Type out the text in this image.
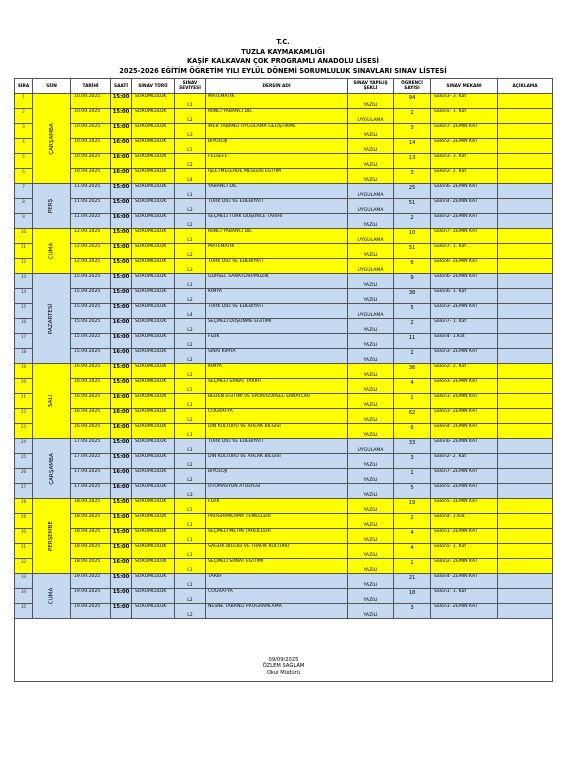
T.C.
TUZLA KAYMAKAMLIĞI
KAŞİF KALKAVAN ÇOK PROGRAMLI ANADOLU LİSESİ
2025-2026 EĞİTİM ÖĞRETİM YILI EYLÜL DÖNEMİ SORUMLULUK SINAVLARI SINAV LİSTESİ
SIRA	GÜN	TARİHİ	SAATİ	SINAV TÜRÜ	SINAV SEVİYESİ	DERSİN ADI	SINAV YAPILIŞ ŞEKLİ	ÖĞRENCİ SAYISI	SINAV MEKANI	AÇIKLAMA
1	ÇARŞAMBA	10.09.2025	15:00	SORUMLULUK	L1	MATEMATİK	YAZILI	94	Salon3- 3. Kat	
2		10.09.2025	15:00	SORUMLULUK	L2	İKİNCİ YABANCI DİL	UYGULAMA	2	Salon5- 1. Kat	
3		10.09.2025	15:00	SORUMLULUK	L3	WEB TABANLI UYGULAMA GELİŞTİRME	YAZILI	3	Salon7- ZEMİN KAT	
4		10.09.2025	16:00	SORUMLULUK	L1	BİYOLOJİ	YAZILI	14	Salon2- ZEMİN KAT	
5		10.09.2025	16:00	SORUMLULUK	L2	FELSEFE	YAZILI	13	Salon3- 3. Kat	
6		10.09.2025	16:00	SORUMLULUK	L4	İŞLETMELERDE MESLEKİ EĞİTİM	YAZILI	3	Salon2- 2. Kat	
7	PERŞ	11.09.2025	15:00	SORUMLULUK	L1	YABANCI DİL	UYGULAMA	25	Salon6- ZEMİN KAT	
8		11.09.2025	15:00	SORUMLULUK	L2	TÜRK DİLİ VE EDEBİYATI	UYGULAMA	51	Salon4- ZEMİN KAT	
9		11.09.2025	16:00	SORUMLULUK	L2	SEÇMELİ TÜRK DÜŞÜNCE TARİHİ	YAZILI	2	Salon2- ZEMİN KAT	
10	CUMA	12.09.2025	15:00	SORUMLULUK	L1	İKİNCİ YABANCI DİL	UYGULAMA	10	Salon7- ZEMİN KAT	
11		12.09.2025	15:00	SORUMLULUK	L2	MATEMATİK	YAZILI	51	Salon7- 1. Kat	
12		12.09.2025	15:00	SORUMLULUK	L3	TÜRK DİLİ VE EDEBİYATI	UYGULAMA	6	Salon6- ZEMİN KAT	
13	PAZARTESİ	15.09.2025	15:00	SORUMLULUK	L1	GÖRSEL SANATLAR/MÜZİK	YAZILI	9	Salon6- ZEMİN KAT	
14		15.09.2025	15:00	SORUMLULUK	L2	KİMYA	YAZILI	38	Salon6- 1. Kat	
15		15.09.2025	15:00	SORUMLULUK	L4	TÜRK DİLİ VE EDEBİYATI	UYGULAMA	5	Salon3- ZEMİN KAT	
16		15.09.2025	16:00	SORUMLULUK	L2	SEÇMELİ DÜŞÜNME EĞİTİMİ	YAZILI	2	Salon7- 1. Kat	
17		15.09.2025	16:00	SORUMLULUK	L2	FİZİK	YAZILI	11	Salon4- 1.Kat	
18		15.09.2025	16:00	SORUMLULUK	L2	SINAİ KİMYA	YAZILI	2	Salon3- ZEMİN KAT	
19	SALI	16.09.2025	15:00	SORUMLULUK	L1	KİMYA	YAZILI	36	Salon2- 2. Kat	
20		16.09.2025	15:00	SORUMLULUK	L1	SEÇMELİ SANAT TARİHİ	YAZILI	4	Salon3- ZEMİN KAT	
21		16.09.2025	16:00	SORUMLULUK	L1	BEDEN EĞİTİMİ VE SPOR/GÖRSEL SANATLAR	YAZILI	1	Salon1- ZEMİN KAT	
22		16.09.2025	16:00	SORUMLULUK	L2	COĞRAFYA	YAZILI	62	Salon3- ZEMİN KAT	
23		16.09.2025	16:00	SORUMLULUK	L1	DİN KÜLTÜRÜ VE AHLAK BİLGİSİ	YAZILI	6	Salon4- ZEMİN KAT	
24	ÇARŞAMBA	17.09.2025	15:00	SORUMLULUK	L1	TÜRK DİLİ VE EDEBİYATI	UYGULAMA	33	Salon6- ZEMİN KAT	
25		17.09.2025	15:00	SORUMLULUK	L2	DİN KÜLTÜRÜ VE AHLAK BİLGİSİ	YAZILI	3	Salon2- 2. Kat	
26		17.09.2025	16:00	SORUMLULUK	L2	BİYOLOJİ	YAZILI	1	Salon7- ZEMİN KAT	
27		17.09.2025	16:00	SORUMLULUK	L3	OTOMASYON ATÖLYESİ	YAZILI	5	Salon5- ZEMİN KAT	
28	PERŞEMBE	18.09.2025	15:00	SORUMLULUK	L1	FİZİK	YAZILI	19	Salon5- ZEMİN KAT	
29		18.09.2025	15:00	SORUMLULUK	L1	PROGRAMLAMA TEMELLERİ	YAZILI	2	Salon4- 1.Kat	
30		18.09.2025	15:00	SORUMLULUK	L1	SEÇMELİ METİN TAHLİLLERİ	YAZILI	4	Salon1- ZEMİN KAT	
31		18.09.2025	15:00	SORUMLULUK	L1	SAĞLIK BİLGİSİ VE TRAFİK KÜLTÜRÜ	YAZILI	4	Salon5- 1. Kat	
32		18.09.2025	16:00	SORUMLULUK	L1	SEÇMELİ SANAT EĞİTİMİ	YAZILI	1	Salon2- ZEMİN KAT	
33	CUMA	19.09.2025	15:00	SORUMLULUK	L1	TARİH	YAZILI	21	Salon4- ZEMİN KAT	
34		19.09.2025	15:00	SORUMLULUK	L2	COĞRAFYA	YAZILI	18	Salon1- 1. Kat	
35		19.09.2025	15:00	SORUMLULUK	L2	NESNE TABANLI PROGRAMLAMA	YAZILI	3	Salon1- ZEMİN KAT	

09/09/2025
ÖZLEM SAĞLAM
Okul Müdürü										
